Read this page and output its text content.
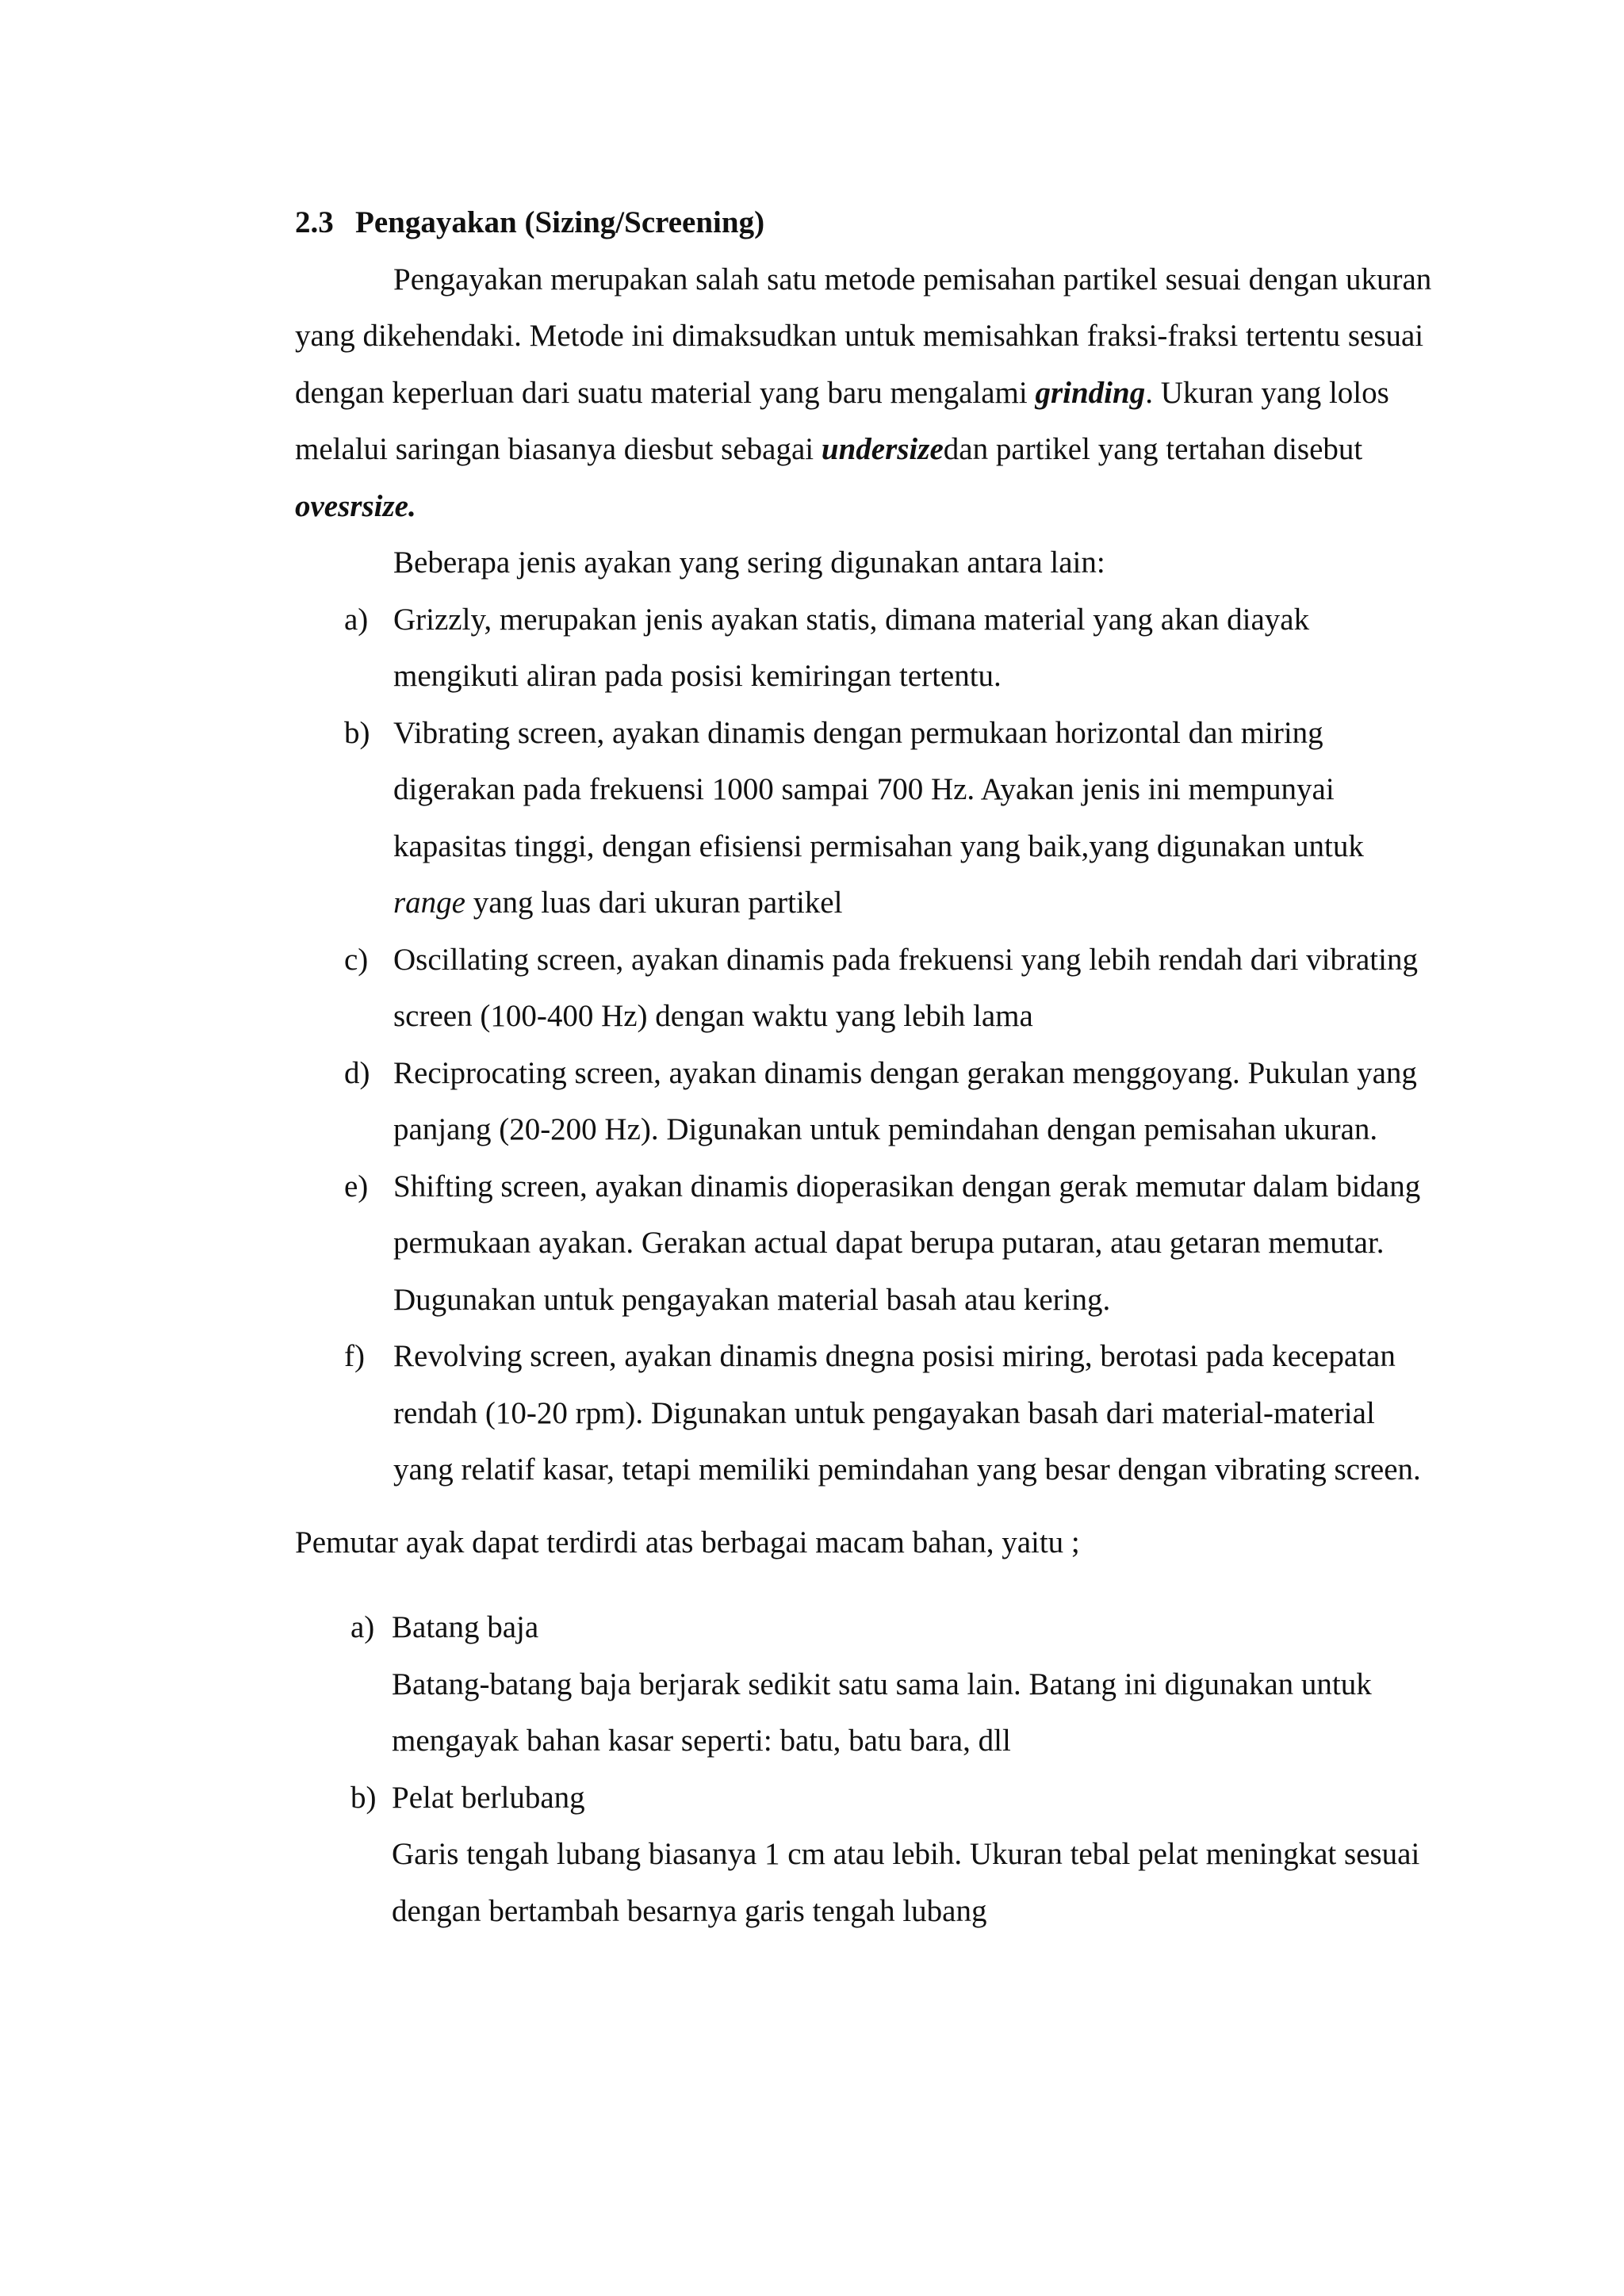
2.3 Pengayakan (Sizing/Screening)

Pengayakan merupakan salah satu metode pemisahan partikel sesuai dengan ukuran yang dikehendaki. Metode ini dimaksudkan untuk memisahkan fraksi-fraksi tertentu sesuai dengan keperluan dari suatu material yang baru mengalami grinding. Ukuran yang lolos melalui saringan biasanya diesbut sebagai undersizedan partikel yang tertahan disebut ovesrsize.

Beberapa jenis ayakan yang sering digunakan antara lain:

a) Grizzly, merupakan jenis ayakan statis, dimana material yang akan diayak mengikuti aliran pada posisi kemiringan tertentu.
b) Vibrating screen, ayakan dinamis dengan permukaan horizontal dan miring digerakan pada frekuensi 1000 sampai 700 Hz. Ayakan jenis ini mempunyai kapasitas tinggi, dengan efisiensi permisahan yang baik,yang digunakan untuk range yang luas dari ukuran partikel
c) Oscillating screen, ayakan dinamis pada frekuensi yang lebih rendah dari vibrating screen (100-400 Hz) dengan waktu yang lebih lama
d) Reciprocating screen, ayakan dinamis dengan gerakan menggoyang. Pukulan yang panjang (20-200 Hz). Digunakan untuk pemindahan dengan pemisahan ukuran.
e) Shifting screen, ayakan dinamis dioperasikan dengan gerak memutar dalam bidang permukaan ayakan. Gerakan actual dapat berupa putaran, atau getaran memutar. Dugunakan untuk pengayakan material basah atau kering.
f) Revolving screen, ayakan dinamis dnegna posisi miring, berotasi pada kecepatan rendah (10-20 rpm). Digunakan untuk pengayakan basah dari material-material yang relatif kasar, tetapi memiliki pemindahan yang besar dengan vibrating screen.

Pemutar ayak dapat terdirdi atas berbagai macam bahan, yaitu ;

a) Batang baja
Batang-batang baja berjarak sedikit satu sama lain. Batang ini digunakan untuk mengayak bahan kasar seperti: batu, batu bara, dll
b) Pelat berlubang
Garis tengah lubang biasanya 1 cm atau lebih. Ukuran tebal pelat meningkat sesuai dengan bertambah besarnya garis tengah lubang
